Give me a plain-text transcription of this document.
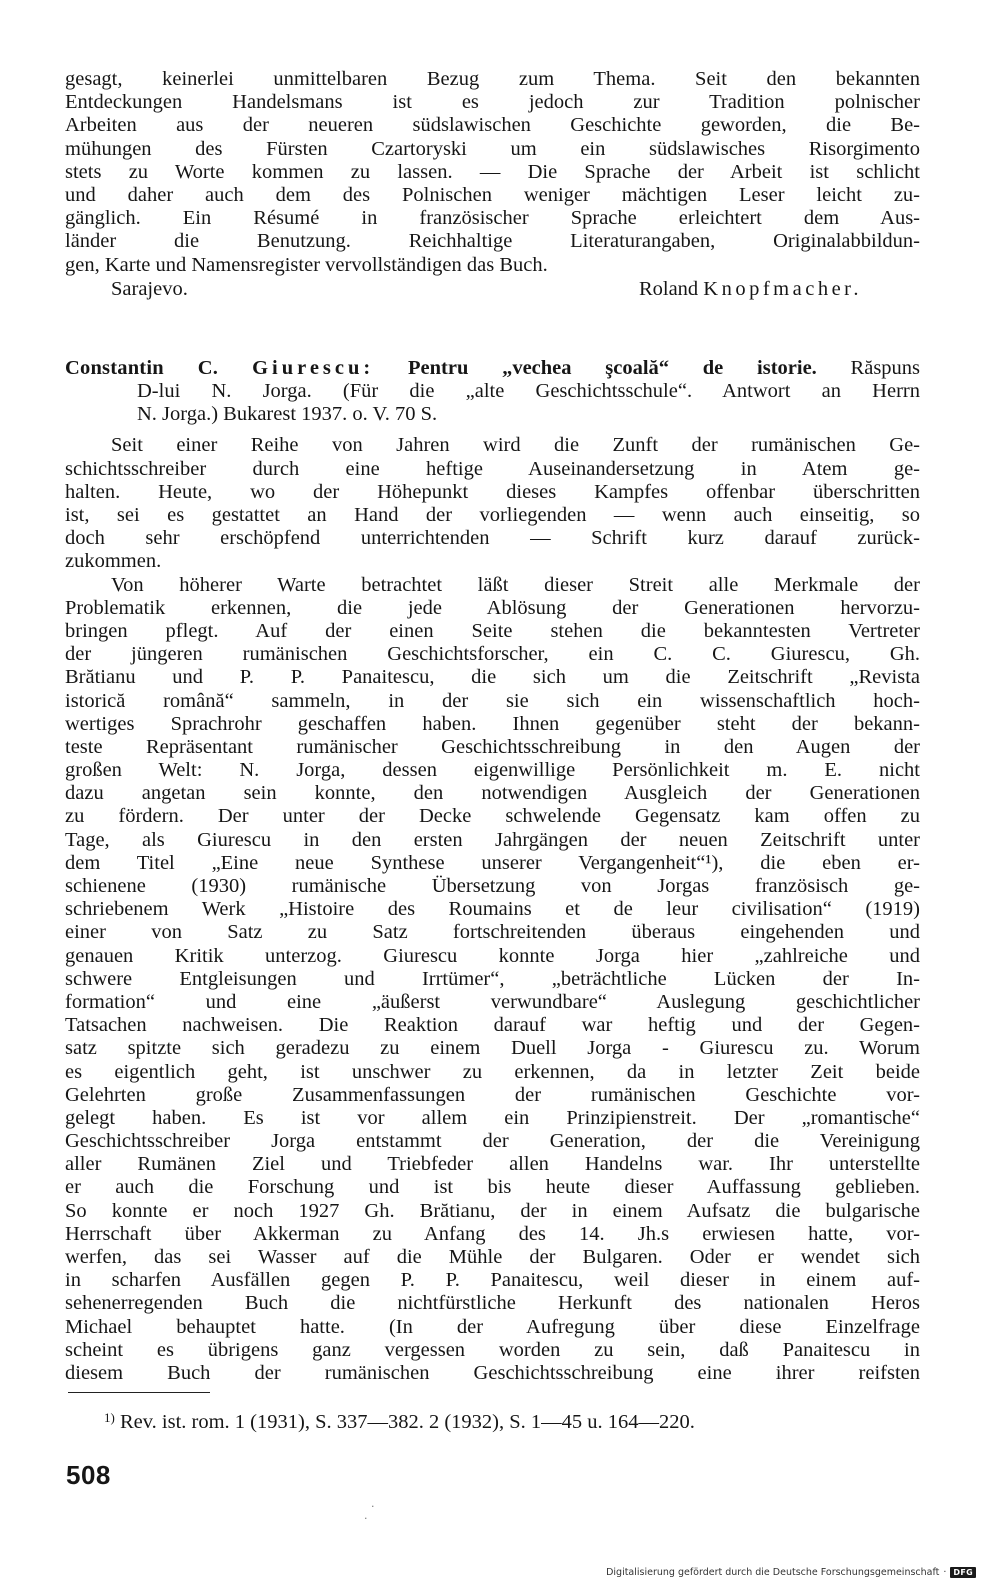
gesagt, keinerlei unmittelbaren Bezug zum Thema. Seit den bekannten
Entdeckungen Handelsmans ist es jedoch zur Tradition polnischer
Arbeiten aus der neueren südslawischen Geschichte geworden, die Be-
mühungen des Fürsten Czartoryski um ein südslawisches Risorgimento
stets zu Worte kommen zu lassen. — Die Sprache der Arbeit ist schlicht
und daher auch dem des Polnischen weniger mächtigen Leser leicht zu-
gänglich. Ein Résumé in französischer Sprache erleichtert dem Aus-
länder die Benutzung. Reichhaltige Literaturangaben, Originalabbildun-
gen, Karte und Namensregister vervollständigen das Buch.
Sarajevo.	Roland Knopfmacher.
Constantin C. Giurescu: Pentru „vechea şcoală“ de istorie. Răspuns
D-lui N. Jorga. (Für die „alte Geschichtsschule“. Antwort an Herrn
N. Jorga.) Bukarest 1937. o. V. 70 S.
Seit einer Reihe von Jahren wird die Zunft der rumänischen Ge-
schichtsschreiber durch eine heftige Auseinandersetzung in Atem ge-
halten. Heute, wo der Höhepunkt dieses Kampfes offenbar überschritten
ist, sei es gestattet an Hand der vorliegenden — wenn auch einseitig, so
doch sehr erschöpfend unterrichtenden — Schrift kurz darauf zurück-
zukommen.
Von höherer Warte betrachtet läßt dieser Streit alle Merkmale der
Problematik erkennen, die jede Ablösung der Generationen hervorzu-
bringen pflegt. Auf der einen Seite stehen die bekanntesten Vertreter
der jüngeren rumänischen Geschichtsforscher, ein C. C. Giurescu, Gh.
Brătianu und P. P. Panaitescu, die sich um die Zeitschrift „Revista
istorică română“ sammeln, in der sie sich ein wissenschaftlich hoch-
wertiges Sprachrohr geschaffen haben. Ihnen gegenüber steht der bekann-
teste Repräsentant rumänischer Geschichtsschreibung in den Augen der
großen Welt: N. Jorga, dessen eigenwillige Persönlichkeit m. E. nicht
dazu angetan sein konnte, den notwendigen Ausgleich der Generationen
zu fördern. Der unter der Decke schwelende Gegensatz kam offen zu
Tage, als Giurescu in den ersten Jahrgängen der neuen Zeitschrift unter
dem Titel „Eine neue Synthese unserer Vergangenheit“¹), die eben er-
schienene (1930) rumänische Übersetzung von Jorgas französisch ge-
schriebenem Werk „Histoire des Roumains et de leur civilisation“ (1919)
einer von Satz zu Satz fortschreitenden überaus eingehenden und
genauen Kritik unterzog. Giurescu konnte Jorga hier „zahlreiche und
schwere Entgleisungen und Irrtümer“, „beträchtliche Lücken der In-
formation“ und eine „äußerst verwundbare“ Auslegung geschichtlicher
Tatsachen nachweisen. Die Reaktion darauf war heftig und der Gegen-
satz spitzte sich geradezu zu einem Duell Jorga - Giurescu zu. Worum
es eigentlich geht, ist unschwer zu erkennen, da in letzter Zeit beide
Gelehrten große Zusammenfassungen der rumänischen Geschichte vor-
gelegt haben. Es ist vor allem ein Prinzipienstreit. Der „romantische“
Geschichtsschreiber Jorga entstammt der Generation, der die Vereinigung
aller Rumänen Ziel und Triebfeder allen Handelns war. Ihr unterstellte
er auch die Forschung und ist bis heute dieser Auffassung geblieben.
So konnte er noch 1927 Gh. Brătianu, der in einem Aufsatz die bulgarische
Herrschaft über Akkerman zu Anfang des 14. Jh.s erwiesen hatte, vor-
werfen, das sei Wasser auf die Mühle der Bulgaren. Oder er wendet sich
in scharfen Ausfällen gegen P. P. Panaitescu, weil dieser in einem auf-
sehenerregenden Buch die nichtfürstliche Herkunft des nationalen Heros
Michael behauptet hatte. (In der Aufregung über diese Einzelfrage
scheint es übrigens ganz vergessen worden zu sein, daß Panaitescu in
diesem Buch der rumänischen Geschichtsschreibung eine ihrer reifsten
$^{1)}$ Rev. ist. rom. 1 (1931), S. 337—382. 2 (1932), S. 1—45 u. 164—220.
508
·
·
Digitalisierung gefördert durch die Deutsche Forschungsgemeinschaft · DFG
